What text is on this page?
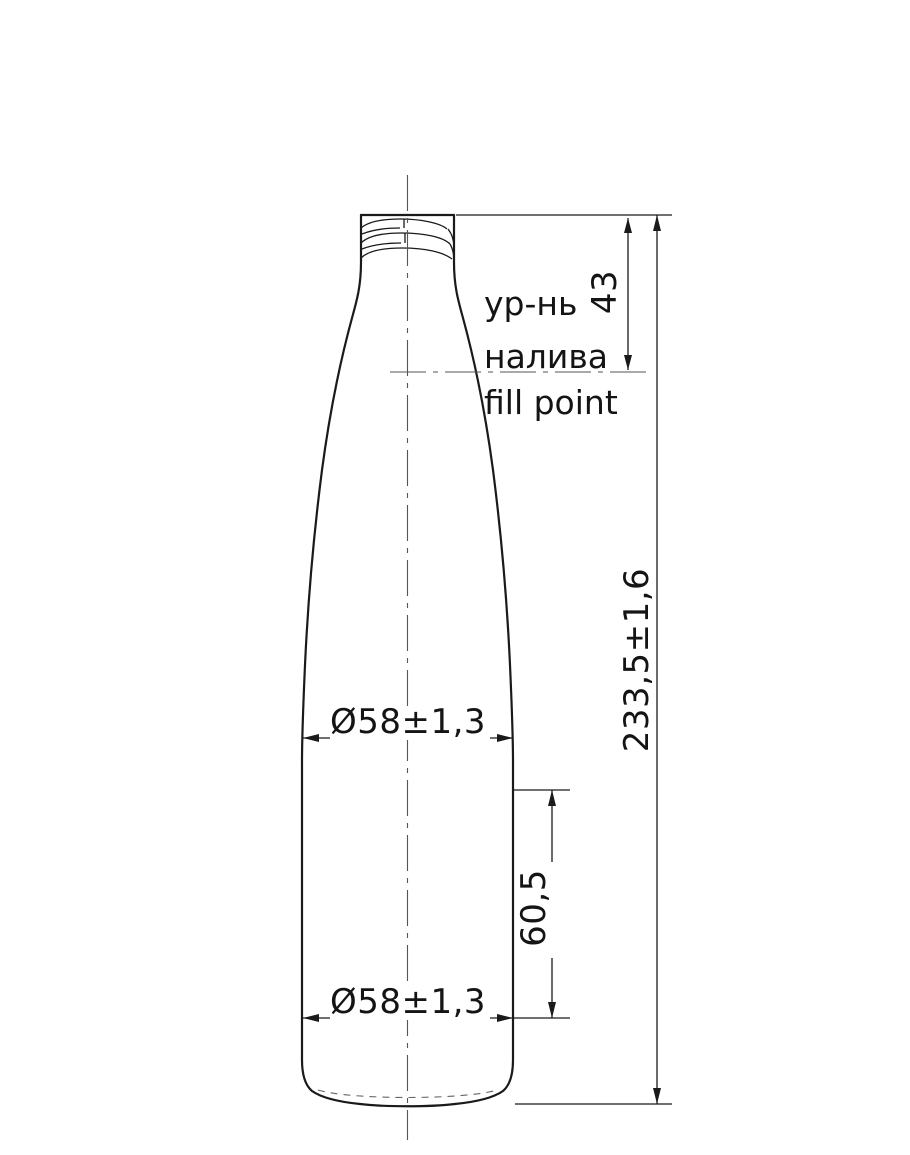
233,5±1,6
43
ур-нь
налива
fill point
Ø58±1,3
Ø58±1,3
60,5
